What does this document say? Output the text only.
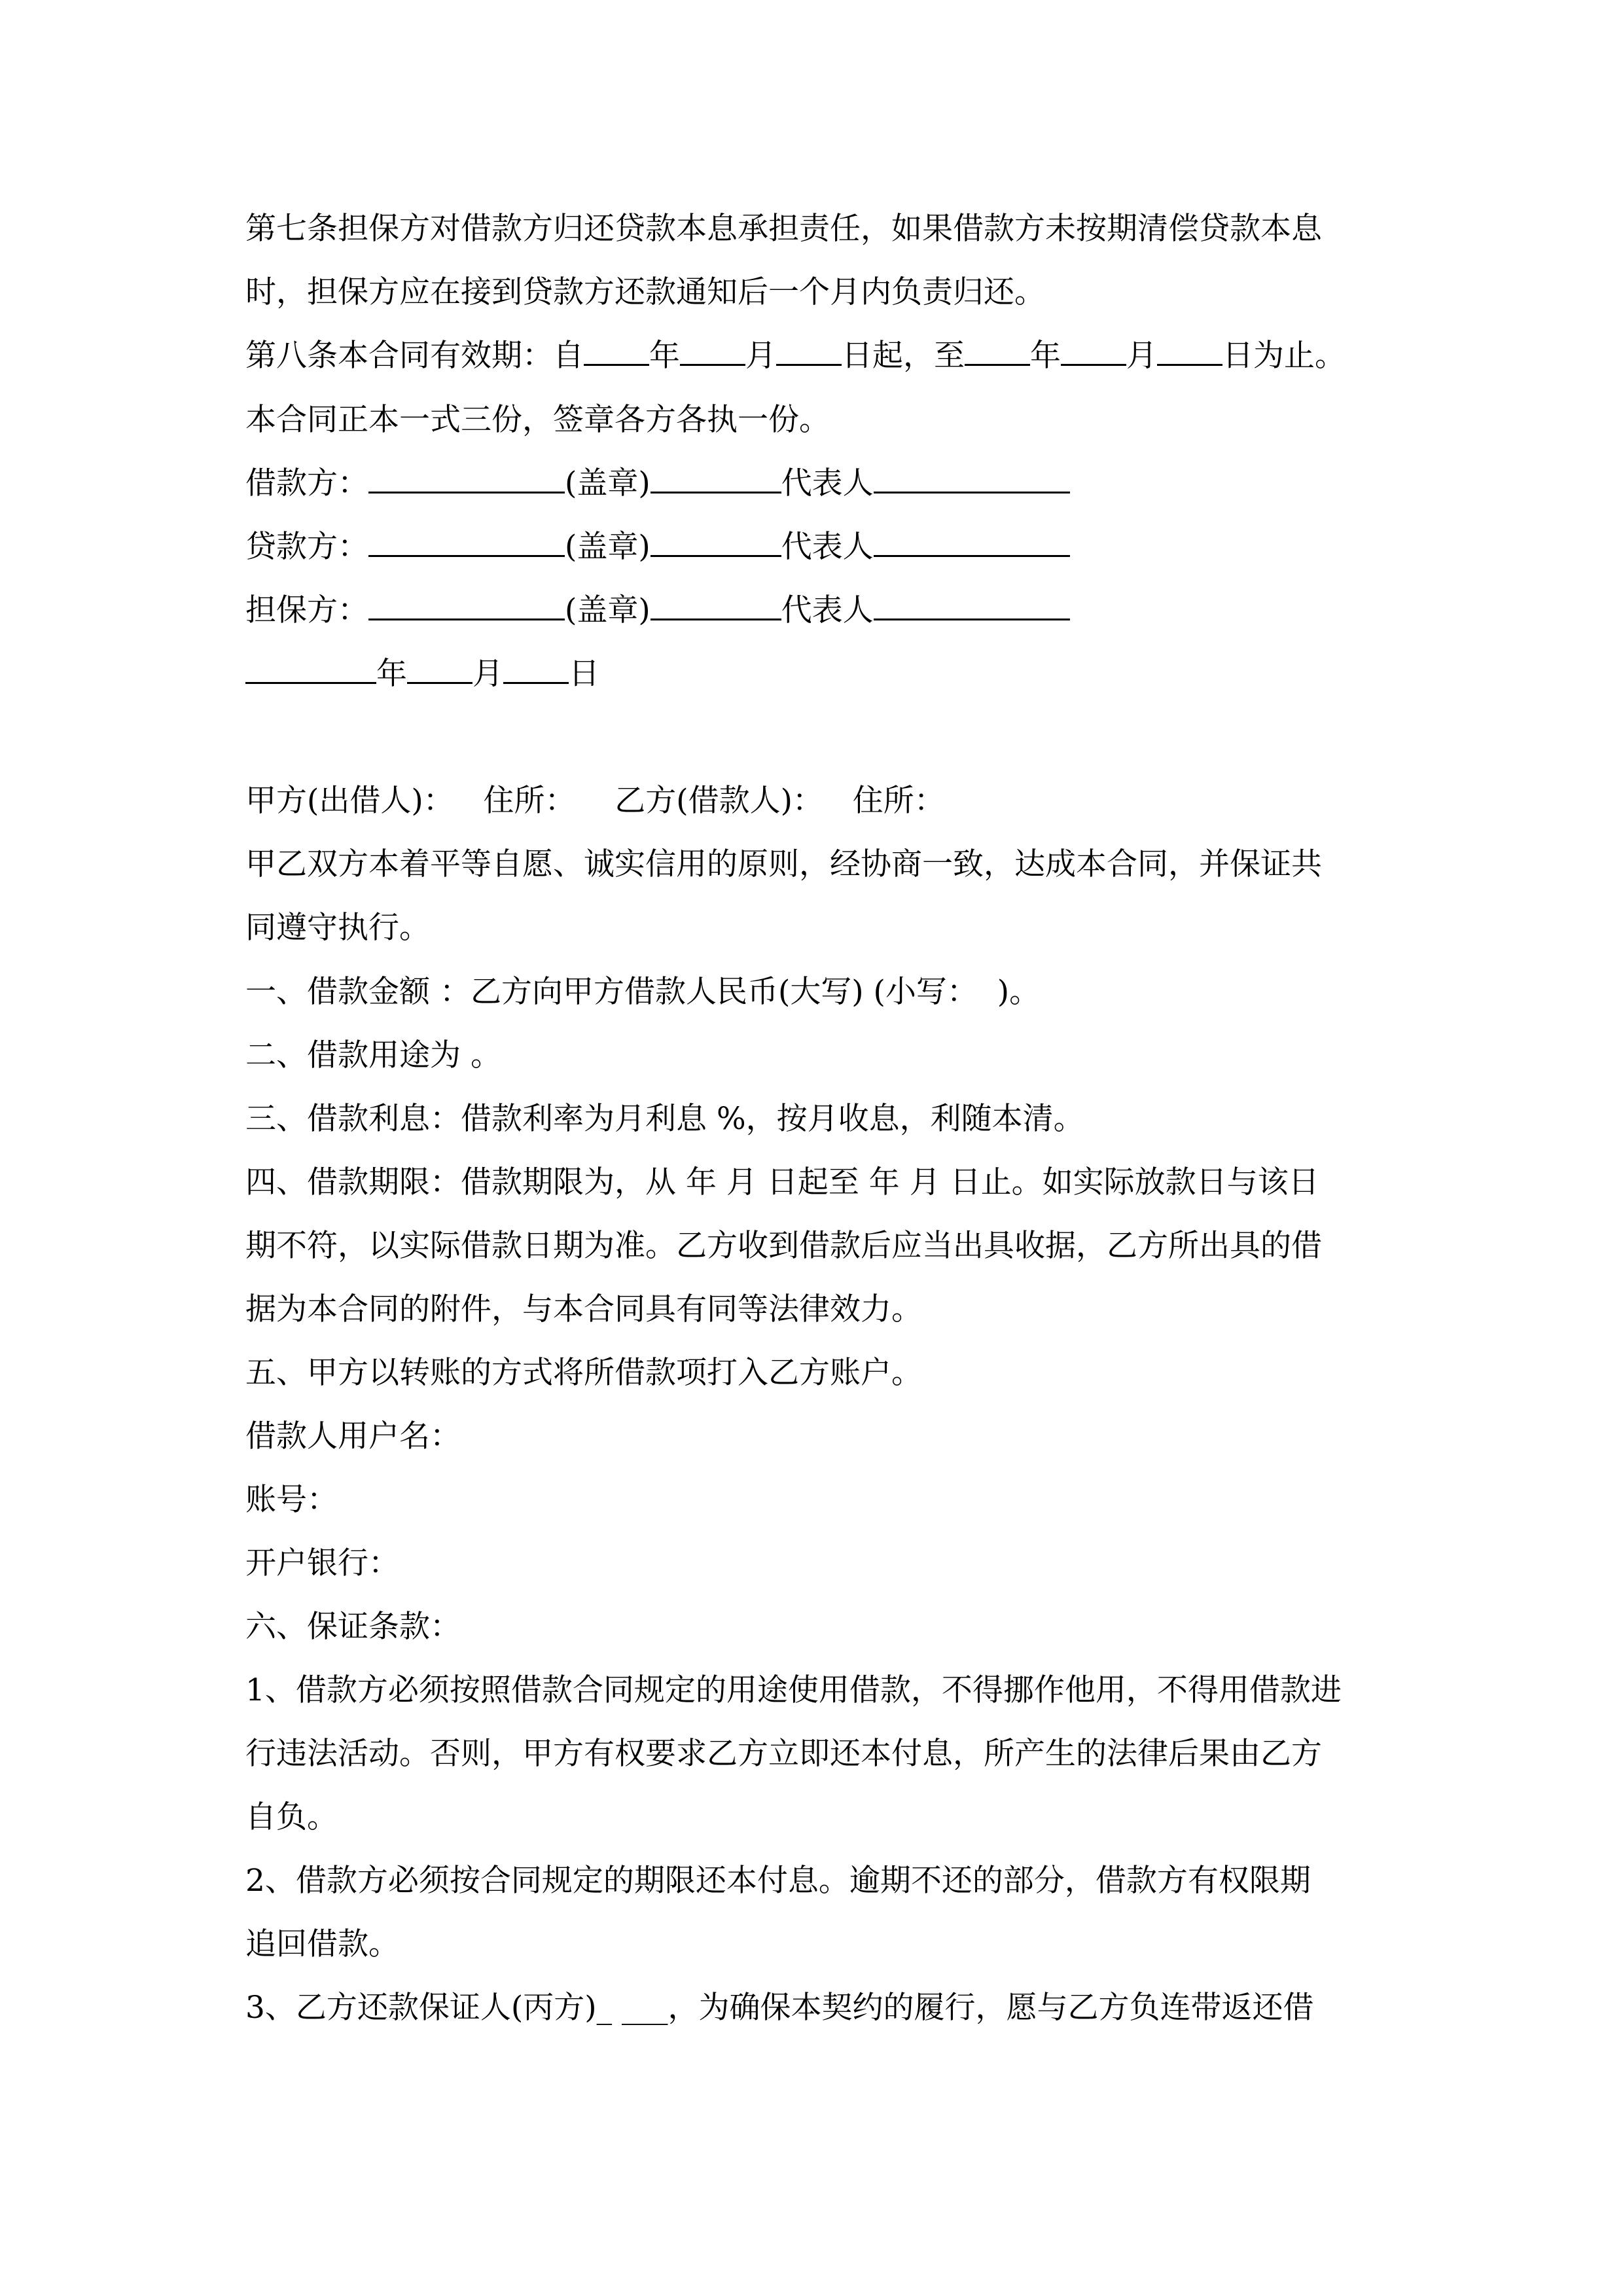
第七条担保方对借款方归还贷款本息承担责任，如果借款方未按期清偿贷款本息
时，担保方应在接到贷款方还款通知后一个月内负责归还。
第八条本合同有效期：自 年 月 日起，至 年 月 日为止。
本合同正本一式三份，签章各方各执一份。
借款方：	(盖章)	代表人
贷款方：	(盖章)	代表人
担保方：	(盖章)	代表人
年 月 日
甲方(出借人)：   住所：    乙方(借款人)：   住所：
甲乙双方本着平等自愿、诚实信用的原则，经协商一致，达成本合同，并保证共
同遵守执行。
一、借款金额 ：乙方向甲方借款人民币(大写) (小写：  )。
二、借款用途为 。
三、借款利息：借款利率为月利息 %，按月收息，利随本清。
四、借款期限：借款期限为，从 年 月 日起至 年 月 日止。如实际放款日与该日
期不符，以实际借款日期为准。乙方收到借款后应当出具收据，乙方所出具的借
据为本合同的附件，与本合同具有同等法律效力。
五、甲方以转账的方式将所借款项打入乙方账户。
借款人用户名：
账号：
开户银行：
六、保证条款：
1、借款方必须按照借款合同规定的用途使用借款，不得挪作他用，不得用借款进
行违法活动。否则，甲方有权要求乙方立即还本付息，所产生的法律后果由乙方
自负。
2、借款方必须按合同规定的期限还本付息。逾期不还的部分，借款方有权限期
追回借款。
3、乙方还款保证人(丙方)_ ___，为确保本契约的履行，愿与乙方负连带返还借
